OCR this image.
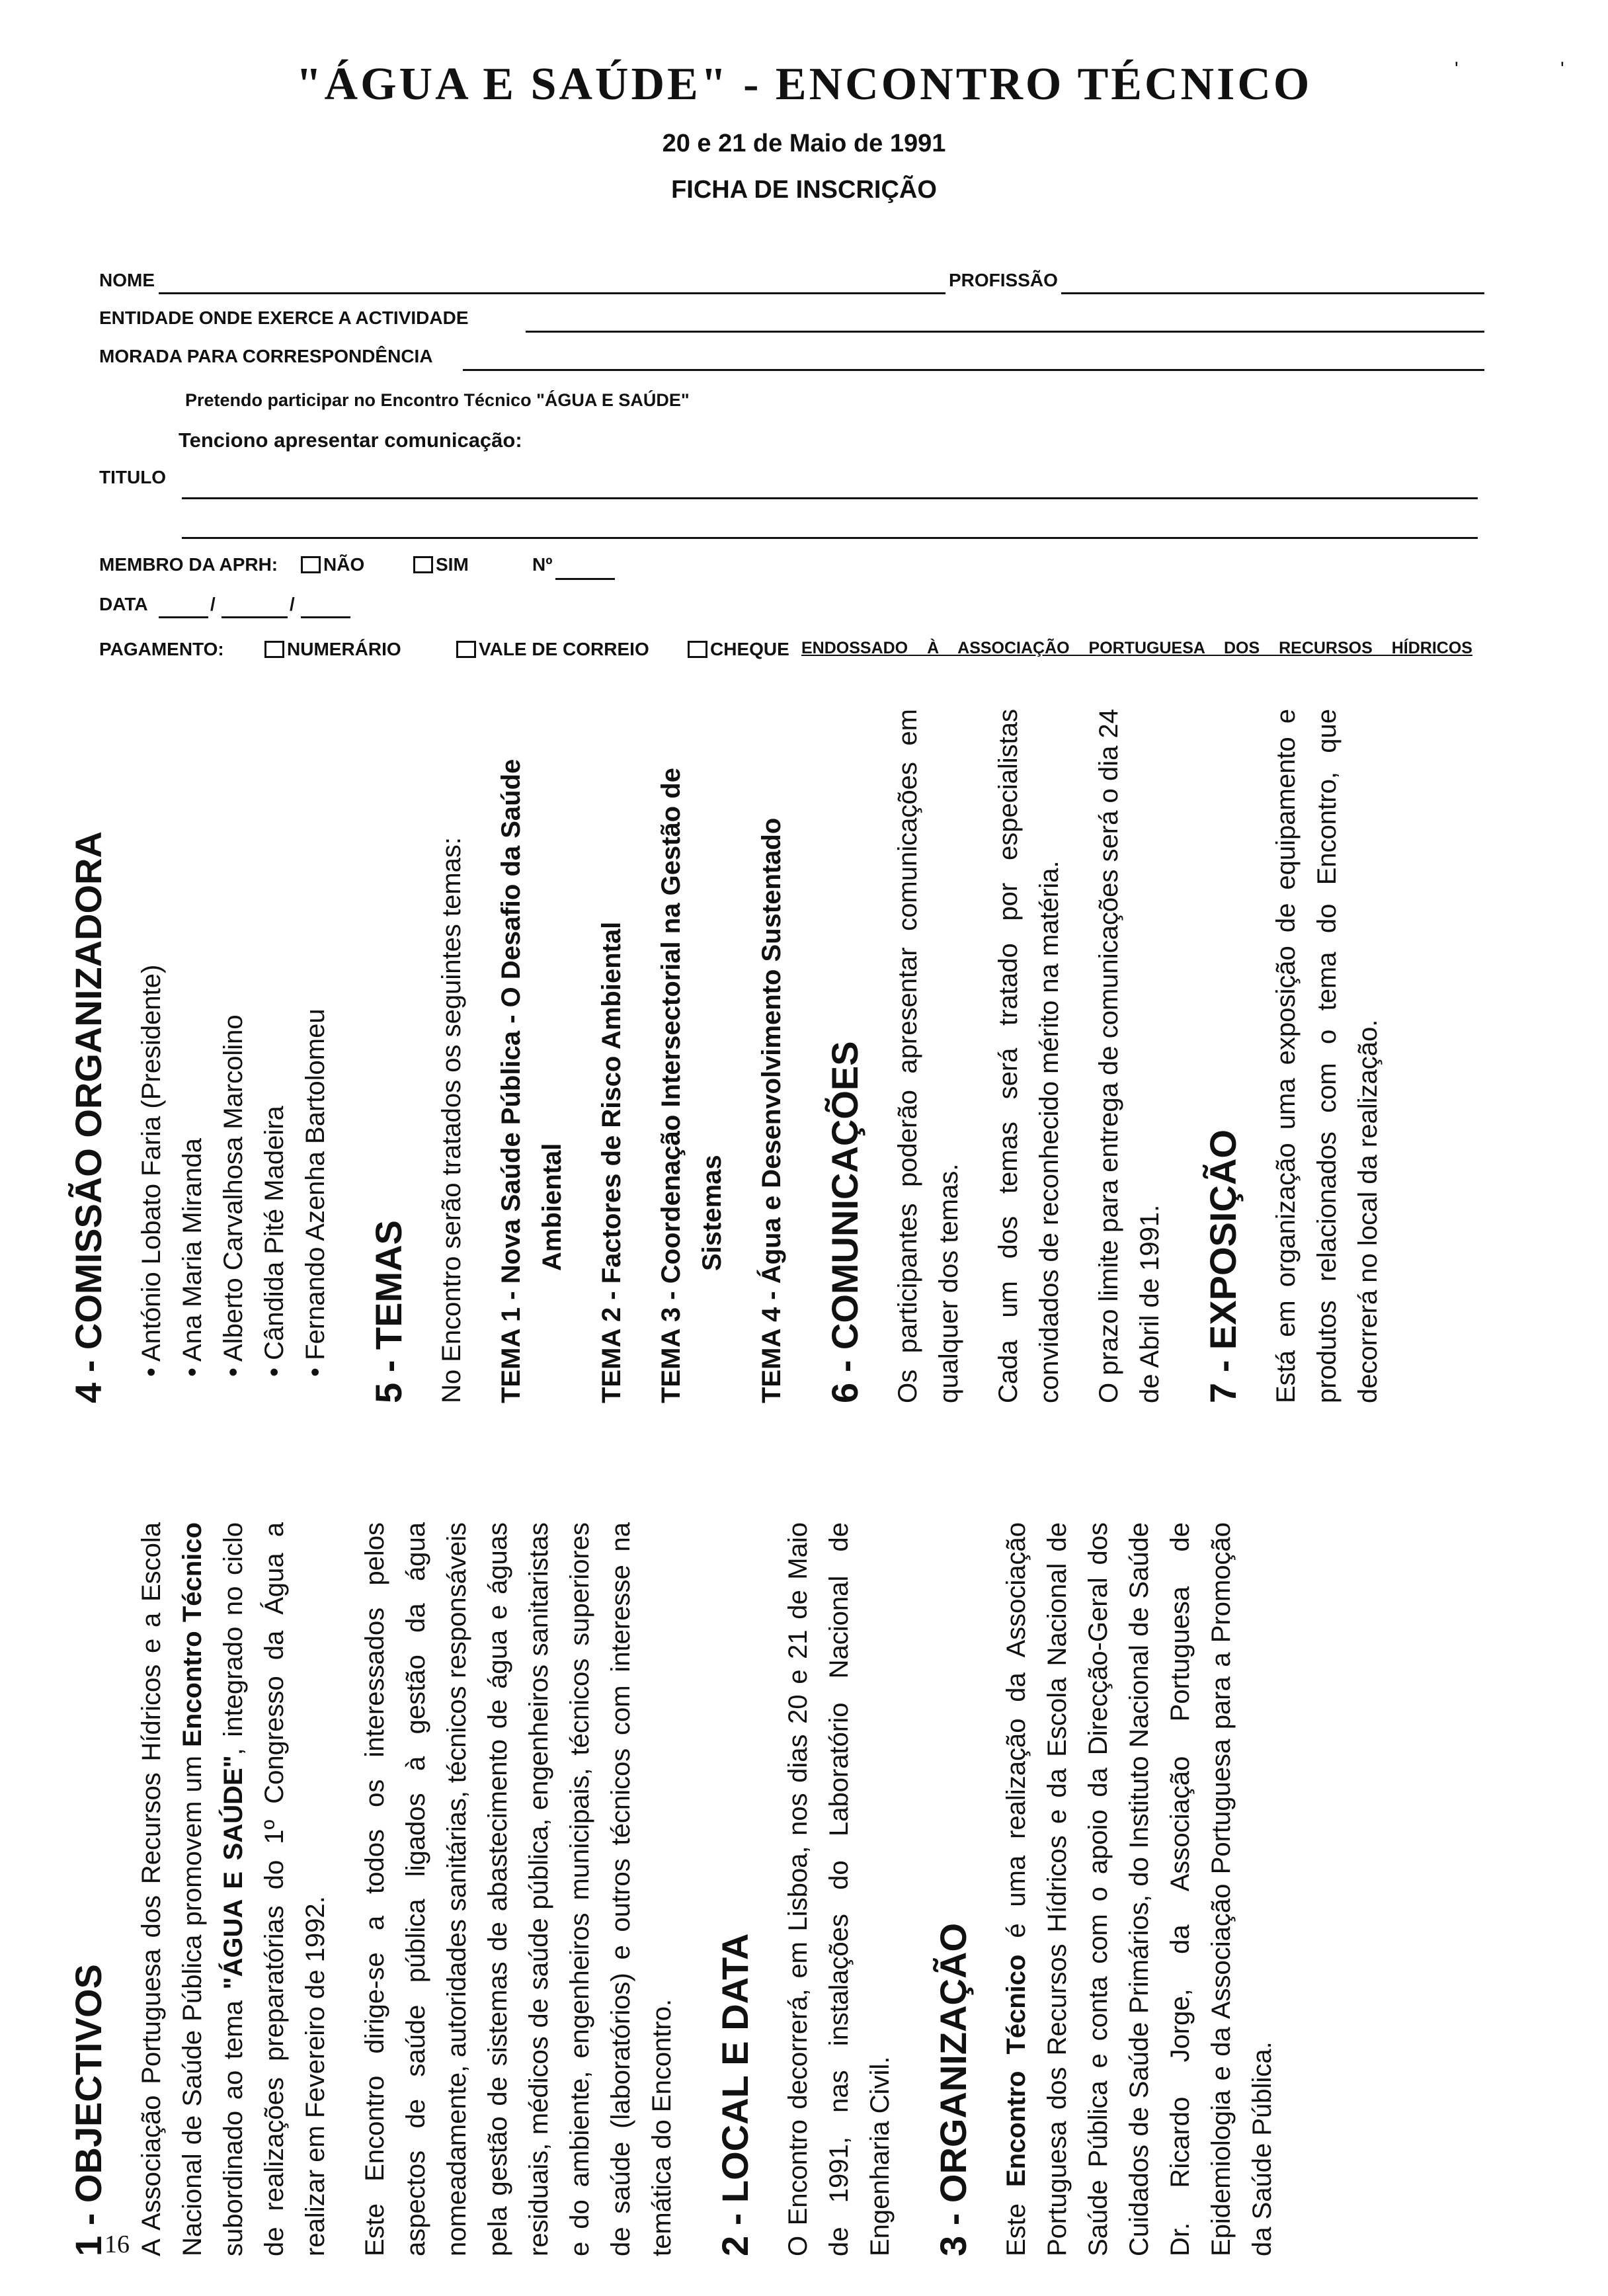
"ÁGUA E SAÚDE" - ENCONTRO TÉCNICO
20 e 21 de Maio de 1991
FICHA DE INSCRIÇÃO
NOME	PROFISSÃO
ENTIDADE ONDE EXERCE A ACTIVIDADE
MORADA PARA CORRESPONDÊNCIA
Pretendo participar no Encontro Técnico "ÁGUA E SAÚDE"
Tenciono apresentar comunicação:
TITULO
MEMBRO DA APRH:	NÃO	SIM	Nº
DATA	/	/
PAGAMENTO:	NUMERÁRIO	VALE DE CORREIO	CHEQUE ENDOSSADO À ASSOCIAÇÃO PORTUGUESA DOS RECURSOS HÍDRICOS
'	'
1 - OBJECTIVOS A Associação Portuguesa dos Recursos Hídricos e a Escola Nacional de Saúde Pública promovem um Encontro Técnico subordinado ao tema "ÁGUA E SAÚDE", integrado no ciclo de realizações preparatórias do 1º Congresso da Água a realizar em Fevereiro de 1992. Este Encontro dirige-se a todos os interessados pelos aspectos de saúde pública ligados à gestão da água nomeadamente, autoridades sanitárias, técnicos responsáveis pela gestão de sistemas de abastecimento de água e águas residuais, médicos de saúde pública, engenheiros sanitaristas e do ambiente, engenheiros municipais, técnicos superiores de saúde (laboratórios) e outros técnicos com interesse na temática do Encontro. 2 - LOCAL E DATA O Encontro decorrerá, em Lisboa, nos dias 20 e 21 de Maio de 1991, nas instalações do Laboratório Nacional de Engenharia Civil. 3 - ORGANIZAÇÃO Este Encontro Técnico é uma realização da Associação Portuguesa dos Recursos Hídricos e da Escola Nacional de Saúde Pública e conta com o apoio da Direcção-Geral dos Cuidados de Saúde Primários, do Instituto Nacional de Saúde Dr. Ricardo Jorge, da Associação Portuguesa de Epidemiologia e da Associação Portuguesa para a Promoção da Saúde Pública.

4 - COMISSÃO ORGANIZADORA • António Lobato Faria (Presidente) • Ana Maria Miranda • Alberto Carvalhosa Marcolino • Cândida Pité Madeira • Fernando Azenha Bartolomeu 5 - TEMAS No Encontro serão tratados os seguintes temas: TEMA 1 - Nova Saúde Pública - O Desafio da Saúde Ambiental TEMA 2 - Factores de Risco Ambiental TEMA 3 - Coordenação Intersectorial na Gestão de Sistemas TEMA 4 - Água e Desenvolvimento Sustentado 6 - COMUNICAÇÕES Os participantes poderão apresentar comunicações em qualquer dos temas. Cada um dos temas será tratado por especialistas convidados de reconhecido mérito na matéria. O prazo limite para entrega de comunicações será o dia 24 de Abril de 1991. 7 - EXPOSIÇÃO Está em organização uma exposição de equipamento e produtos relacionados com o tema do Encontro, que decorrerá no local da realização.

16
